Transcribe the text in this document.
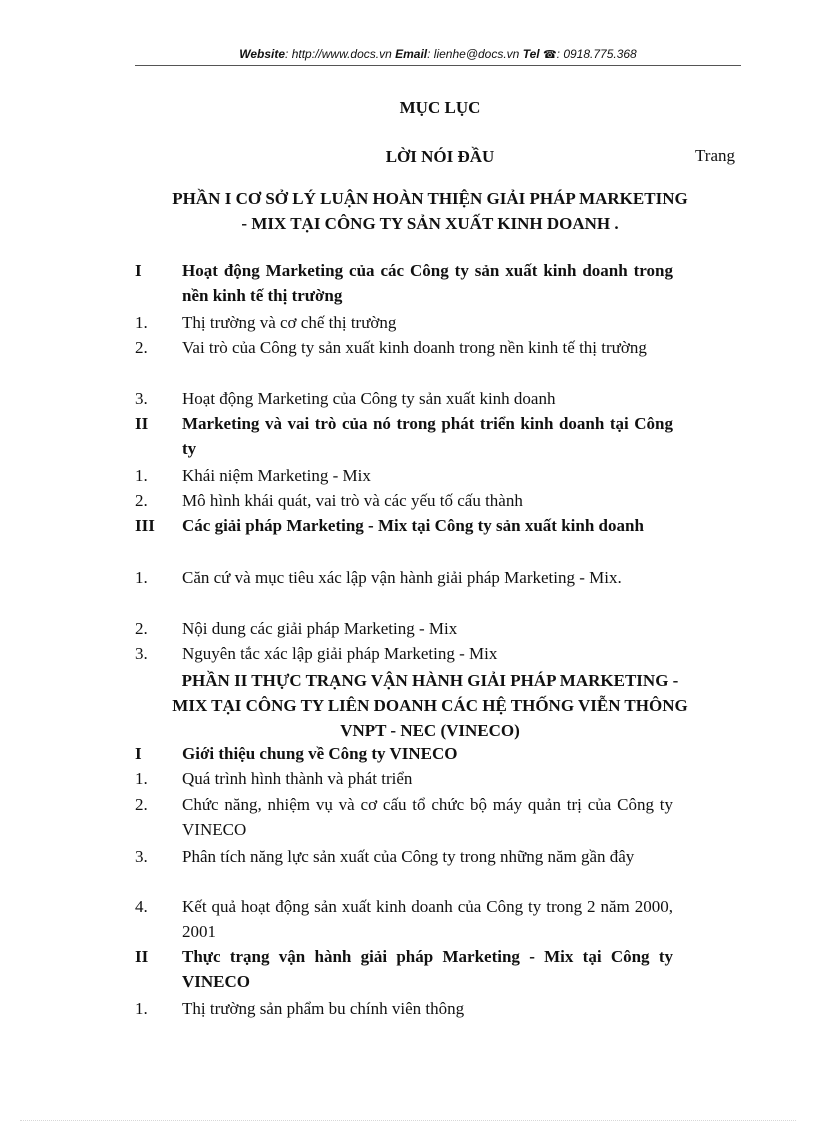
Website: http://www.docs.vn Email: lienhe@docs.vn Tel ☎: 0918.775.368
MỤC LỤC
LỜI NÓI ĐẦU	Trang
PHẦN I CƠ SỞ LÝ LUẬN HOÀN THIỆN GIẢI PHÁP MARKETING - MIX TẠI CÔNG TY SẢN XUẤT KINH DOANH .
I	Hoạt động Marketing của các Công ty sản xuất kinh doanh trong nền kinh tế thị trường
1.	Thị trường và cơ chế thị trường
2.	Vai trò của Công ty sản xuất kinh doanh trong nền kinh tế thị trường
3.	Hoạt động Marketing của Công ty sản xuất kinh doanh
II	Marketing và vai trò của nó trong phát triển kinh doanh tại Công ty
1.	Khái niệm Marketing - Mix
2.	Mô hình khái quát, vai trò và các yếu tố cấu thành
III	Các giải pháp Marketing - Mix tại Công ty sản xuất kinh doanh
1.	Căn cứ và mục tiêu xác lập vận hành giải pháp Marketing - Mix.
2.	Nội dung các giải pháp Marketing - Mix
3.	Nguyên tắc xác lập giải pháp Marketing - Mix
PHẦN II THỰC TRẠNG VẬN HÀNH GIẢI PHÁP MARKETING - MIX TẠI CÔNG TY LIÊN DOANH CÁC HỆ THỐNG VIỄN THÔNG VNPT - NEC (VINECO)
I	Giới thiệu chung về Công ty VINECO
1.	Quá trình hình thành và phát triển
2.	Chức năng, nhiệm vụ và cơ cấu tổ chức bộ máy quản trị của Công ty VINECO
3.	Phân tích năng lực sản xuất của Công ty trong những năm gần đây
4.	Kết quả hoạt động sản xuất kinh doanh của Công ty trong 2 năm 2000, 2001
II	Thực trạng vận hành giải pháp Marketing - Mix tại Công ty VINECO
1.	Thị trường sản phẩm bu chính viên thông
